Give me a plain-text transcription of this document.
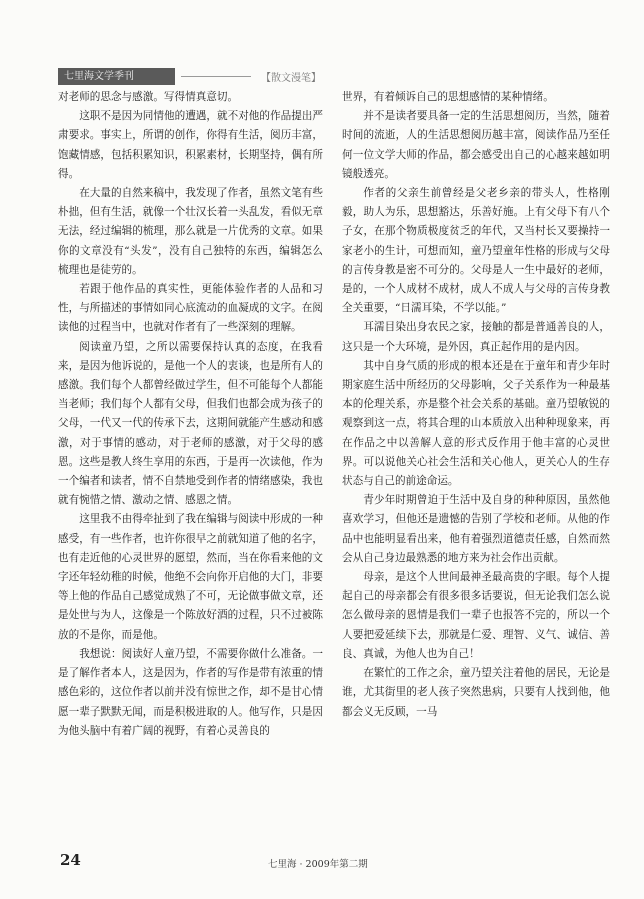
七里海文学季刊	【散文漫笔】

对老师的思念与感激。写得情真意切。

这职不是因为同情他的遭遇，就不对他的作品提出严肃要求。事实上，所谓的创作，你得有生活，阅历丰富，饱藏情感，包括积累知识，积累素材，长期坚持，偶有所得。

在大量的自然来稿中，我发现了作者，虽然文笔有些朴拙，但有生活，就像一个壮汉长着一头乱发，看似无章无法，经过编辑的梳理，那么就是一片优秀的文章。如果你的文章没有“头发”，没有自己独特的东西，编辑怎么梳理也是徒劳的。

若跟于他作品的真实性，更能体验作者的人品和习性，与所描述的事情如同心底流动的血凝成的文字。在阅读他的过程当中，也就对作者有了一些深刻的理解。

阅读童乃望，之所以需要保持认真的态度，在我看来，是因为他诉说的，是他一个人的衷谈，也是所有人的感激。我们每个人都曾经做过学生，但不可能每个人都能当老师；我们每个人都有父母，但我们也都会成为孩子的父母，一代又一代的传承下去，这期间就能产生感动和感激，对于事情的感动，对于老师的感激，对于父母的感恩。这些是教人终生享用的东西，于是再一次读他，作为一个编者和读者，情不自禁地受到作者的情绪感染，我也就有惋惜之情、激动之情、感恩之情。

这里我不由得牵扯到了我在编辑与阅读中形成的一种感受，有一些作者，也许你很早之前就知道了他的名字，也有走近他的心灵世界的愿望，然而，当在你看来他的文字还年轻幼稚的时候，他绝不会向你开启他的大门，非要等上他的作品自己感觉成熟了不可，无论做事做文章，还是处世与为人，这像是一个陈放好酒的过程，只不过被陈放的不是你，而是他。

我想说：阅读好人童乃望，不需要你做什么准备。一是了解作者本人，这是因为，作者的写作是带有浓重的情感色彩的，这位作者以前并没有惊世之作，却不是甘心情愿一辈子默默无闻，而是积极进取的人。他写作，只是因为他头脑中有着广阔的视野，有着心灵善良的

世界，有着倾诉自己的思想感情的某种情绪。

并不是读者要具备一定的生活思想阅历，当然，随着时间的流逝，人的生活思想阅历越丰富，阅读作品乃至任何一位文学大师的作品，都会感受出自己的心越来越如明镜般透亮。

作者的父亲生前曾经是父老乡亲的带头人，性格刚毅，助人为乐，思想豁达，乐善好施。上有父母下有八个子女，在那个物质极度贫乏的年代，又当村长又要操持一家老小的生计，可想而知，童乃望童年性格的形成与父母的言传身教是密不可分的。父母是人一生中最好的老师，是的，一个人成材不成材，成人不成人与父母的言传身教全关重要，“日濡耳染，不学以能。”

耳濡目染出身农民之家，接触的都是普通善良的人，这只是一个大环境，是外因，真正起作用的是内因。

其中自身气质的形成的根本还是在于童年和青少年时期家庭生活中所经历的父母影响，父子关系作为一种最基本的伦理关系，亦是整个社会关系的基础。童乃望敏锐的观察到这一点，将其合理的山本质放入出种种现象来，再在作品之中以善解人意的形式反作用于他丰富的心灵世界。可以说他关心社会生活和关心他人，更关心人的生存状态与自己的前途命运。

青少年时期曾迫于生活中及自身的种种原因，虽然他喜欢学习，但他还是遗憾的告别了学校和老师。从他的作品中也能明显看出来，他有着强烈道德责任感，自然而然会从自己身边最熟悉的地方来为社会作出贡献。

母亲，是这个人世间最神圣最高贵的字眼。每个人提起自己的母亲都会有很多很多话要说，但无论我们怎么说怎么做母亲的恩情是我们一辈子也报答不完的，所以一个人要把爱延续下去，那就是仁爱、理智、义气、诚信、善良、真诚，为他人也为自己！

在繁忙的工作之余，童乃望关注着他的居民，无论是谁，尤其街里的老人孩子突然患病，只要有人找到他，他都会义无反顾，一马

24	七里海 · 2009年第二期
